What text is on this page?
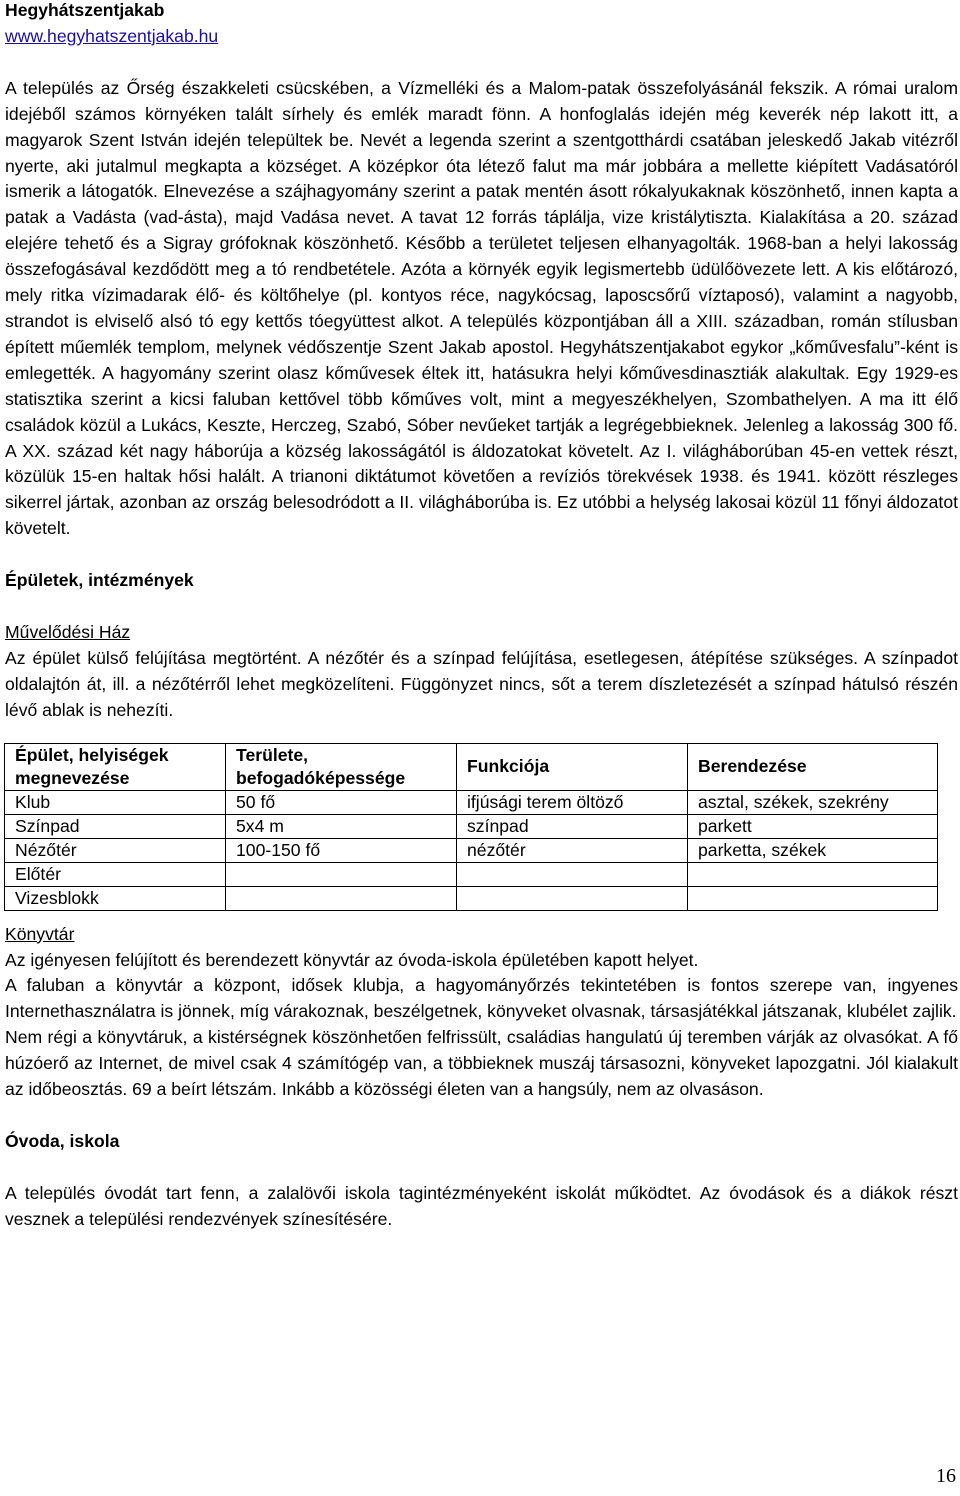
Hegyhátszentjakab
www.hegyhatszentjakab.hu

A település az Őrség északkeleti csücskében, a Vízmelléki és a Malom-patak összefolyásánál fekszik. A római uralom idejéből számos környéken talált sírhely és emlék maradt fönn. A honfoglalás idején még keverék nép lakott itt, a magyarok Szent István idején települtek be. Nevét a legenda szerint a szentgotthárdi csatában jeleskedő Jakab vitézről nyerte, aki jutalmul megkapta a községet. A középkor óta létező falut ma már jobbára a mellette kiépített Vadásatóról ismerik a látogatók. Elnevezése a szájhagyomány szerint a patak mentén ásott rókalyukaknak köszönhető, innen kapta a patak a Vadásta (vad-ásta), majd Vadása nevet. A tavat 12 forrás táplálja, vize kristálytiszta. Kialakítása a 20. század elejére tehető és a Sigray grófoknak köszönhető. Később a területet teljesen elhanyagolták. 1968-ban a helyi lakosság összefogásával kezdődött meg a tó rendbetétele. Azóta a környék egyik legismertebb üdülőövezete lett. A kis előtározó, mely ritka vízimadarak élő- és költőhelye (pl. kontyos réce, nagykócsag, laposcsőrű víztaposó), valamint a nagyobb, strandot is elviselő alsó tó egy kettős tóegyüttest alkot. A település központjában áll a XIII. században, román stílusban épített műemlék templom, melynek védőszentje Szent Jakab apostol. Hegyhátszentjakabot egykor „kőművesfalu”-ként is emlegették. A hagyomány szerint olasz kőművesek éltek itt, hatásukra helyi kőművesdinasztiák alakultak. Egy 1929-es statisztika szerint a kicsi faluban kettővel több kőműves volt, mint a megyeszékhelyen, Szombathelyen. A ma itt élő családok közül a Lukács, Keszte, Herczeg, Szabó, Sóber nevűeket tartják a legrégebbieknek. Jelenleg a lakosság 300 fő. A XX. század két nagy háborúja a község lakosságától is áldozatokat követelt. Az I. világháborúban 45-en vettek részt, közülük 15-en haltak hősi halált. A trianoni diktátumot követően a revíziós törekvések 1938. és 1941. között részleges sikerrel jártak, azonban az ország belesodródott a II. világháborúba is. Ez utóbbi a helység lakosai közül 11 főnyi áldozatot követelt.

Épületek, intézmények
Művelődési Ház

Az épület külső felújítása megtörtént. A nézőtér és a színpad felújítása, esetlegesen, átépítése szükséges. A színpadot oldalajtón át, ill. a nézőtérről lehet megközelíteni. Függönyzet nincs, sőt a terem díszletezését a színpad hátulsó részén lévő ablak is nehezíti.

Épület, helyiségek megnevezése	Területe, befogadóképessége	Funkciója	Berendezése
Klub	50 fő	ifjúsági terem öltöző	asztal, székek, szekrény
Színpad	5x4 m	színpad	parkett
Nézőtér	100-150 fő	nézőtér	parketta, székek
Előtér			
Vizesblokk			
Könyvtár

Az igényesen felújított és berendezett könyvtár az óvoda-iskola épületében kapott helyet.

A faluban a könyvtár a központ, idősek klubja, a hagyományőrzés tekintetében is fontos szerepe van, ingyenes Internethasználatra is jönnek, míg várakoznak, beszélgetnek, könyveket olvasnak, társasjátékkal játszanak, klubélet zajlik.

Nem régi a könyvtáruk, a kistérségnek köszönhetően felfrissült, családias hangulatú új teremben várják az olvasókat. A fő húzóerő az Internet, de mivel csak 4 számítógép van, a többieknek muszáj társasozni, könyveket lapozgatni. Jól kialakult az időbeosztás. 69 a beírt létszám. Inkább a közösségi életen van a hangsúly, nem az olvasáson.

Óvoda, iskola

A település óvodát tart fenn, a zalalövői iskola tagintézményeként iskolát működtet. Az óvodások és a diákok részt vesznek a települési rendezvények színesítésére.

16
